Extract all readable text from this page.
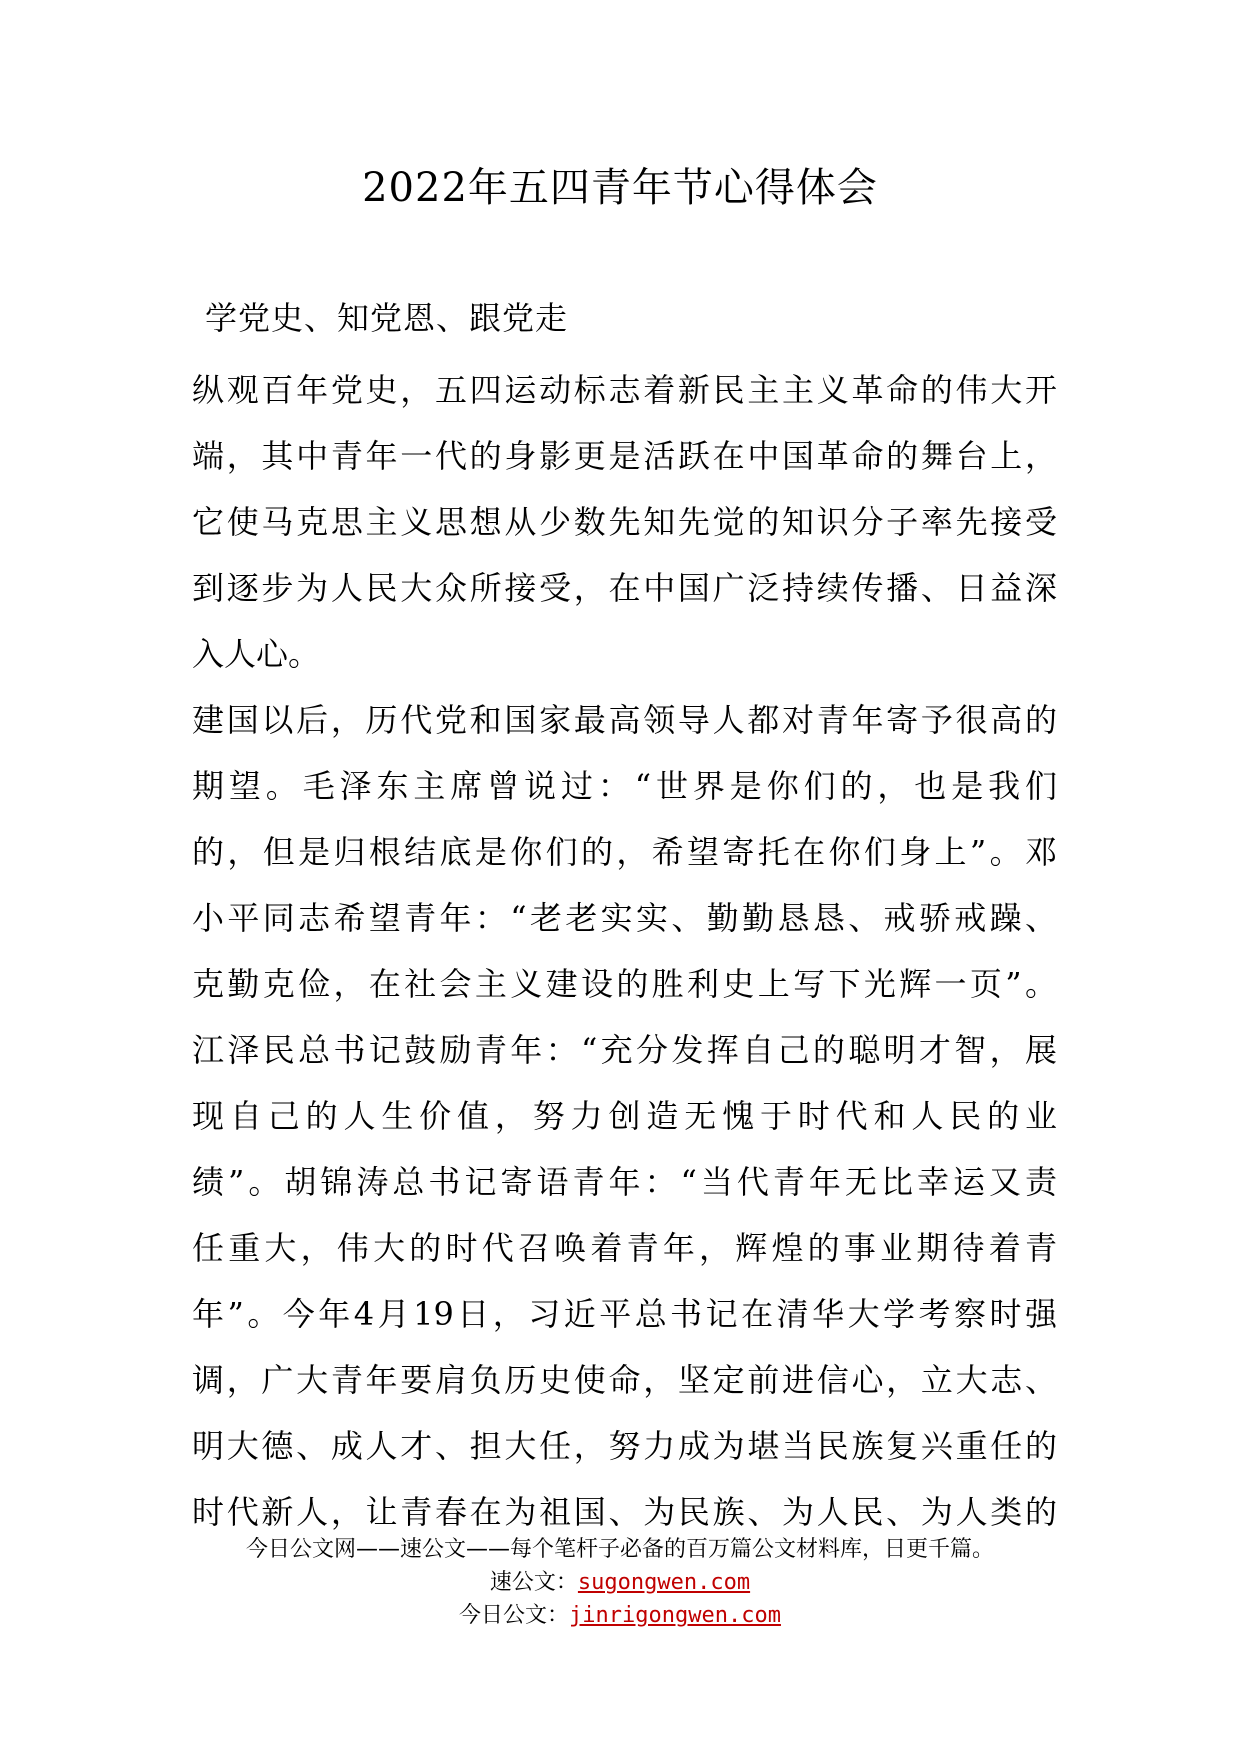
2022年五四青年节心得体会
学党史、知党恩、跟党走
纵观百年党史，五四运动标志着新民主主义革命的伟大开
端，其中青年一代的身影更是活跃在中国革命的舞台上，
它使马克思主义思想从少数先知先觉的知识分子率先接受
到逐步为人民大众所接受，在中国广泛持续传播、日益深
入人心。
建国以后，历代党和国家最高领导人都对青年寄予很高的
期望。毛泽东主席曾说过：“世界是你们的，也是我们
的，但是归根结底是你们的，希望寄托在你们身上”。邓
小平同志希望青年：“老老实实、勤勤恳恳、戒骄戒躁、
克勤克俭，在社会主义建设的胜利史上写下光辉一页”。
江泽民总书记鼓励青年：“充分发挥自己的聪明才智，展
现自己的人生价值，努力创造无愧于时代和人民的业
绩”。胡锦涛总书记寄语青年：“当代青年无比幸运又责
任重大，伟大的时代召唤着青年，辉煌的事业期待着青
年”。今年4月19日，习近平总书记在清华大学考察时强
调，广大青年要肩负历史使命，坚定前进信心，立大志、
明大德、成人才、担大任，努力成为堪当民族复兴重任的
时代新人，让青春在为祖国、为民族、为人民、为人类的
今日公文网——速公文——每个笔杆子必备的百万篇公文材料库，日更千篇。
速公文：sugongwen.com
今日公文：jinrigongwen.com
